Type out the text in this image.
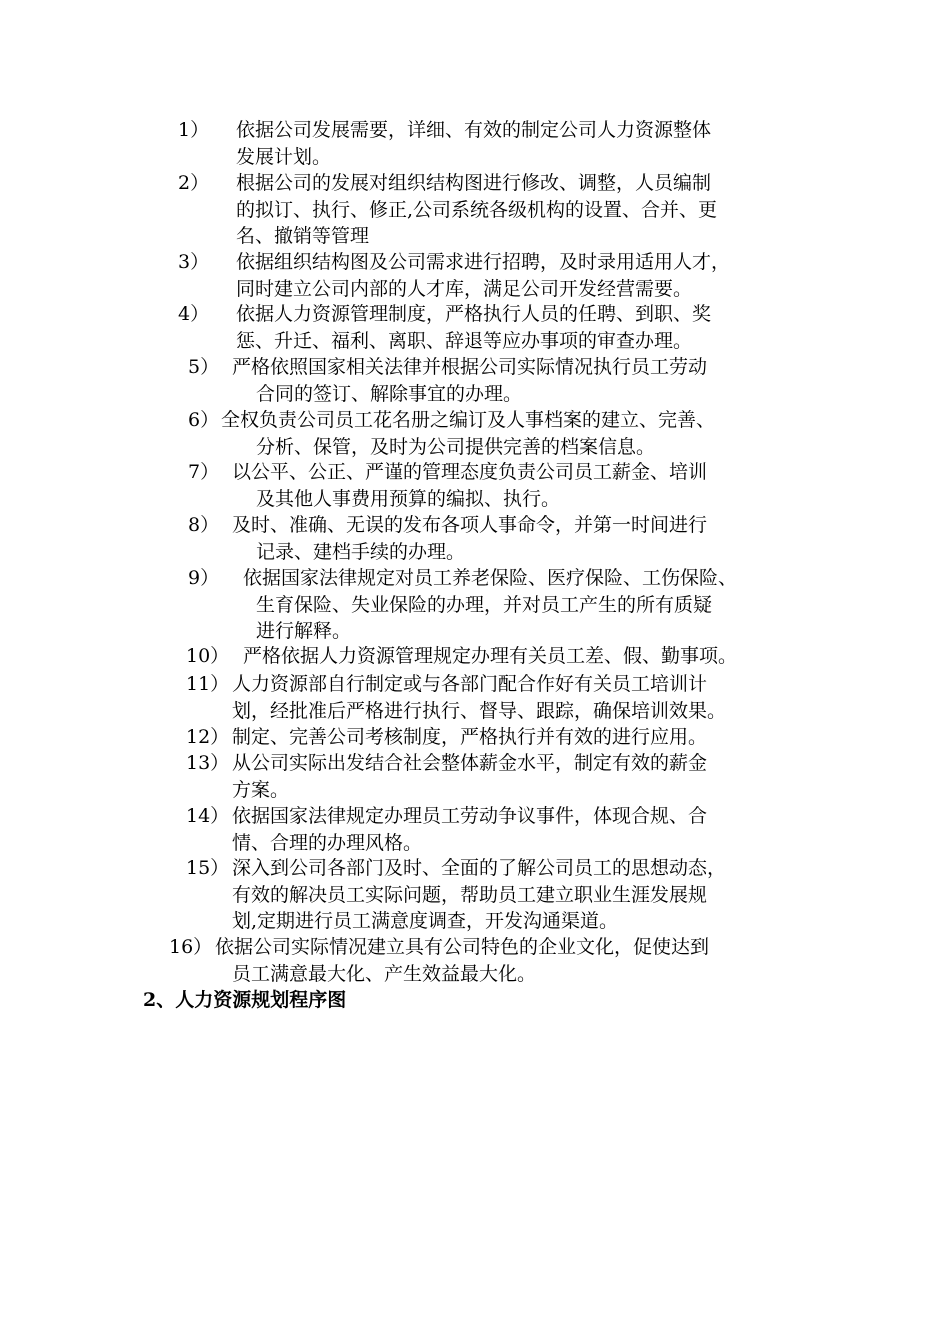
1） 依据公司发展需要，详细、有效的制定公司人力资源整体
发展计划。
2） 根据公司的发展对组织结构图进行修改、调整，人员编制
的拟订、执行、修正,公司系统各级机构的设置、合并、更
名、撤销等管理
3） 依据组织结构图及公司需求进行招聘，及时录用适用人才，
同时建立公司内部的人才库，满足公司开发经营需要。
4） 依据人力资源管理制度，严格执行人员的任聘、到职、奖
惩、升迁、福利、离职、辞退等应办事项的审查办理。
5） 严格依照国家相关法律并根据公司实际情况执行员工劳动
合同的签订、解除事宜的办理。
6） 全权负责公司员工花名册之编订及人事档案的建立、完善、
分析、保管，及时为公司提供完善的档案信息。
7） 以公平、公正、严谨的管理态度负责公司员工薪金、培训
及其他人事费用预算的编拟、执行。
8） 及时、准确、无误的发布各项人事命令，并第一时间进行
记录、建档手续的办理。
9） 依据国家法律规定对员工养老保险、医疗保险、工伤保险、
生育保险、失业保险的办理，并对员工产生的所有质疑
进行解释。
10） 严格依据人力资源管理规定办理有关员工差、假、勤事项。
11） 人力资源部自行制定或与各部门配合作好有关员工培训计
划，经批准后严格进行执行、督导、跟踪，确保培训效果。
12） 制定、完善公司考核制度，严格执行并有效的进行应用。
13） 从公司实际出发结合社会整体薪金水平，制定有效的薪金
方案。
14） 依据国家法律规定办理员工劳动争议事件，体现合规、合
情、合理的办理风格。
15） 深入到公司各部门及时、全面的了解公司员工的思想动态，
有效的解决员工实际问题，帮助员工建立职业生涯发展规
划,定期进行员工满意度调查，开发沟通渠道。
16） 依据公司实际情况建立具有公司特色的企业文化，促使达到
员工满意最大化、产生效益最大化。
2、人力资源规划程序图
